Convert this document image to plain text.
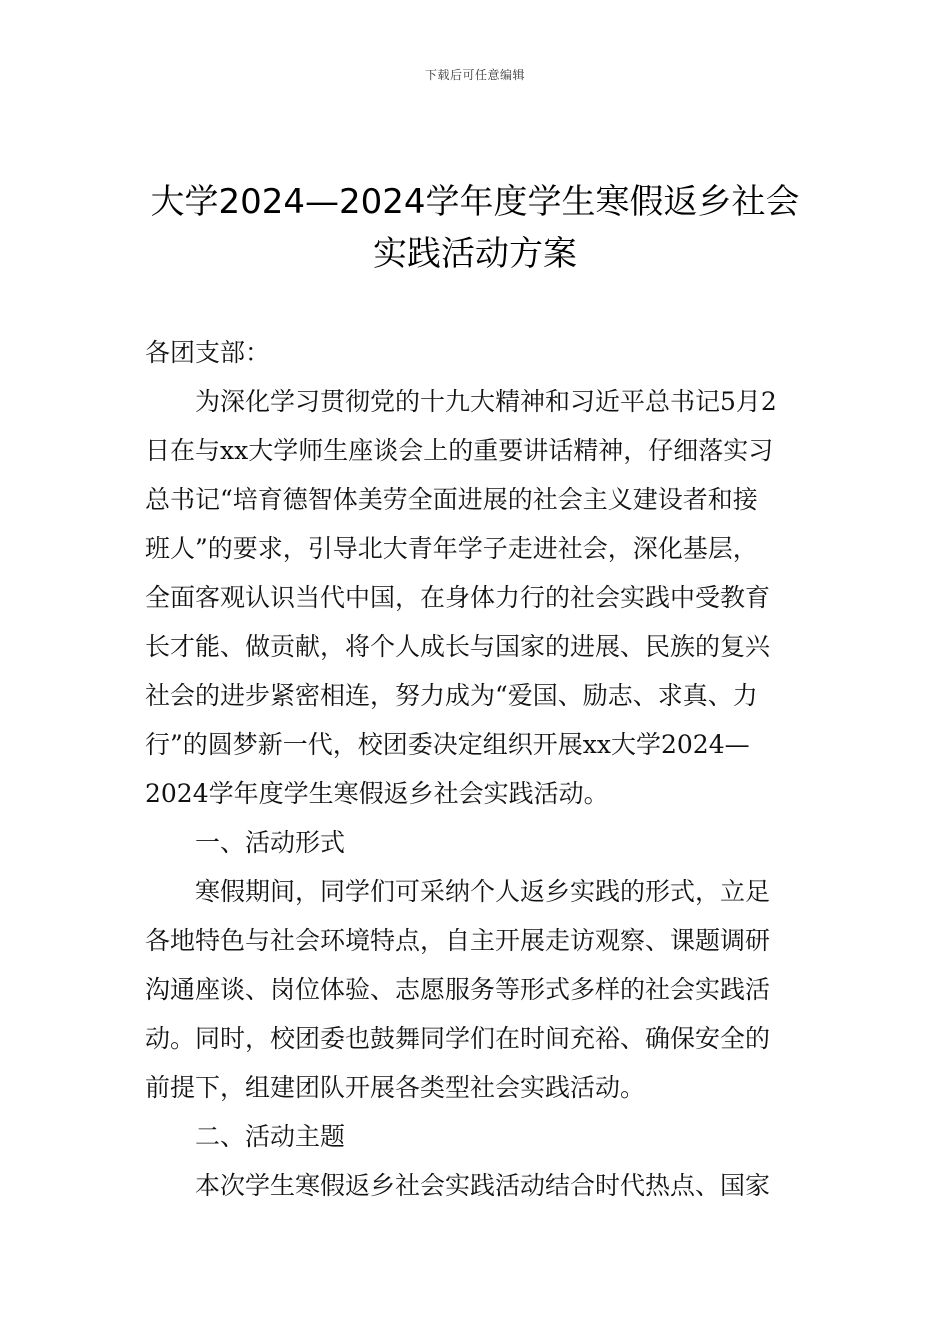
下载后可任意编辑
大学2024—2024学年度学生寒假返乡社会
实践活动方案

各团支部：

为深化学习贯彻党的十九大精神和习近平总书记5月2
日在与xx大学师生座谈会上的重要讲话精神，仔细落实习
总书记“培育德智体美劳全面进展的社会主义建设者和接
班人”的要求，引导北大青年学子走进社会，深化基层，
全面客观认识当代中国，在身体力行的社会实践中受教育
长才能、做贡献，将个人成长与国家的进展、民族的复兴
社会的进步紧密相连，努力成为“爱国、励志、求真、力
行”的圆梦新一代，校团委决定组织开展xx大学2024—
2024学年度学生寒假返乡社会实践活动。

一、活动形式

寒假期间，同学们可采纳个人返乡实践的形式，立足
各地特色与社会环境特点，自主开展走访观察、课题调研
沟通座谈、岗位体验、志愿服务等形式多样的社会实践活
动。同时，校团委也鼓舞同学们在时间充裕、确保安全的
前提下，组建团队开展各类型社会实践活动。

二、活动主题

本次学生寒假返乡社会实践活动结合时代热点、国家
